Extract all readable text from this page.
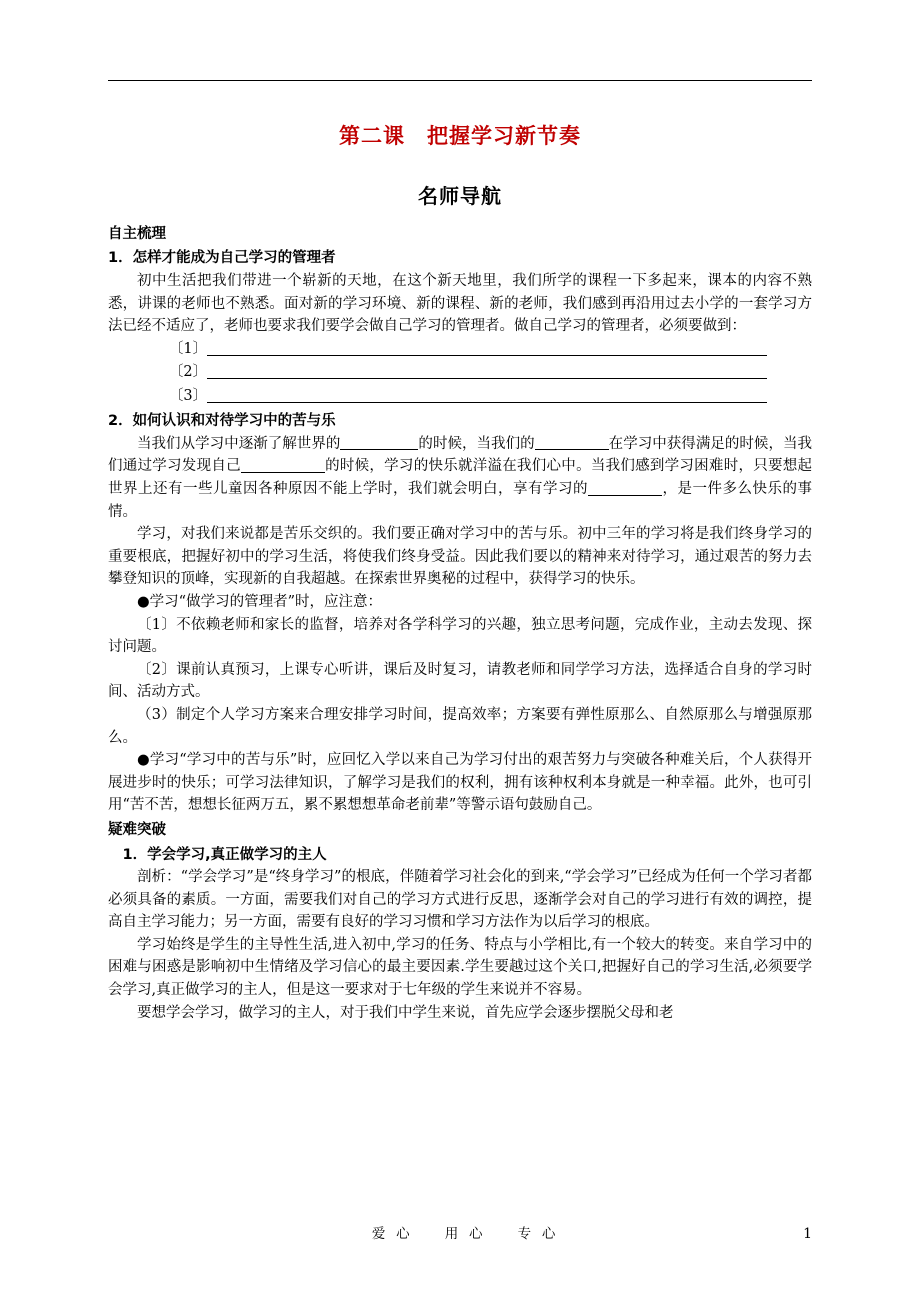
第二课　把握学习新节奏
名师导航
自主梳理
1．怎样才能成为自己学习的管理者

初中生活把我们带进一个崭新的天地，在这个新天地里，我们所学的课程一下多起来，课本的内容不熟悉，讲课的老师也不熟悉。面对新的学习环境、新的课程、新的老师，我们感到再沿用过去小学的一套学习方法已经不适应了，老师也要求我们要学会做自己学习的管理者。做自己学习的管理者，必须要做到：

〔1〕

〔2〕

〔3〕

2．如何认识和对待学习中的苦与乐

当我们从学习中逐渐了解世界的	的时候，当我们的	在学习中获得满足的时候，当我们通过学习发现自己	的时候，学习的快乐就洋溢在我们心中。当我们感到学习困难时，只要想起世界上还有一些儿童因各种原因不能上学时，我们就会明白，享有学习的	，是一件多么快乐的事情。

学习，对我们来说都是苦乐交织的。我们要正确对学习中的苦与乐。初中三年的学习将是我们终身学习的重要根底，把握好初中的学习生活，将使我们终身受益。因此我们要以的精神来对待学习，通过艰苦的努力去攀登知识的顶峰，实现新的自我超越。在探索世界奥秘的过程中，获得学习的快乐。

●学习“做学习的管理者”时，应注意：

〔1〕不依赖老师和家长的监督，培养对各学科学习的兴趣，独立思考问题，完成作业，主动去发现、探讨问题。

〔2〕课前认真预习，上课专心听讲，课后及时复习，请教老师和同学学习方法，选择适合自身的学习时间、活动方式。

（3）制定个人学习方案来合理安排学习时间，提高效率；方案要有弹性原那么、自然原那么与增强原那么。

●学习“学习中的苦与乐”时，应回忆入学以来自己为学习付出的艰苦努力与突破各种难关后，个人获得开展进步时的快乐；可学习法律知识，了解学习是我们的权利，拥有该种权利本身就是一种幸福。此外，也可引用“苦不苦，想想长征两万五，累不累想想革命老前辈”等警示语句鼓励自己。

疑难突破
1．学会学习,真正做学习的主人

剖析：“学会学习”是“终身学习”的根底，伴随着学习社会化的到来,“学会学习”已经成为任何一个学习者都必须具备的素质。一方面，需要我们对自己的学习方式进行反思，逐渐学会对自己的学习进行有效的调控，提高自主学习能力；另一方面，需要有良好的学习习惯和学习方法作为以后学习的根底。

学习始终是学生的主导性生活,进入初中,学习的任务、特点与小学相比,有一个较大的转变。来自学习中的困难与困惑是影响初中生情绪及学习信心的最主要因素.学生要越过这个关口,把握好自己的学习生活,必须要学会学习,真正做学习的主人，但是这一要求对于七年级的学生来说并不容易。

要想学会学习，做学习的主人，对于我们中学生来说，首先应学会逐步摆脱父母和老

爱心　用心　专心	1
